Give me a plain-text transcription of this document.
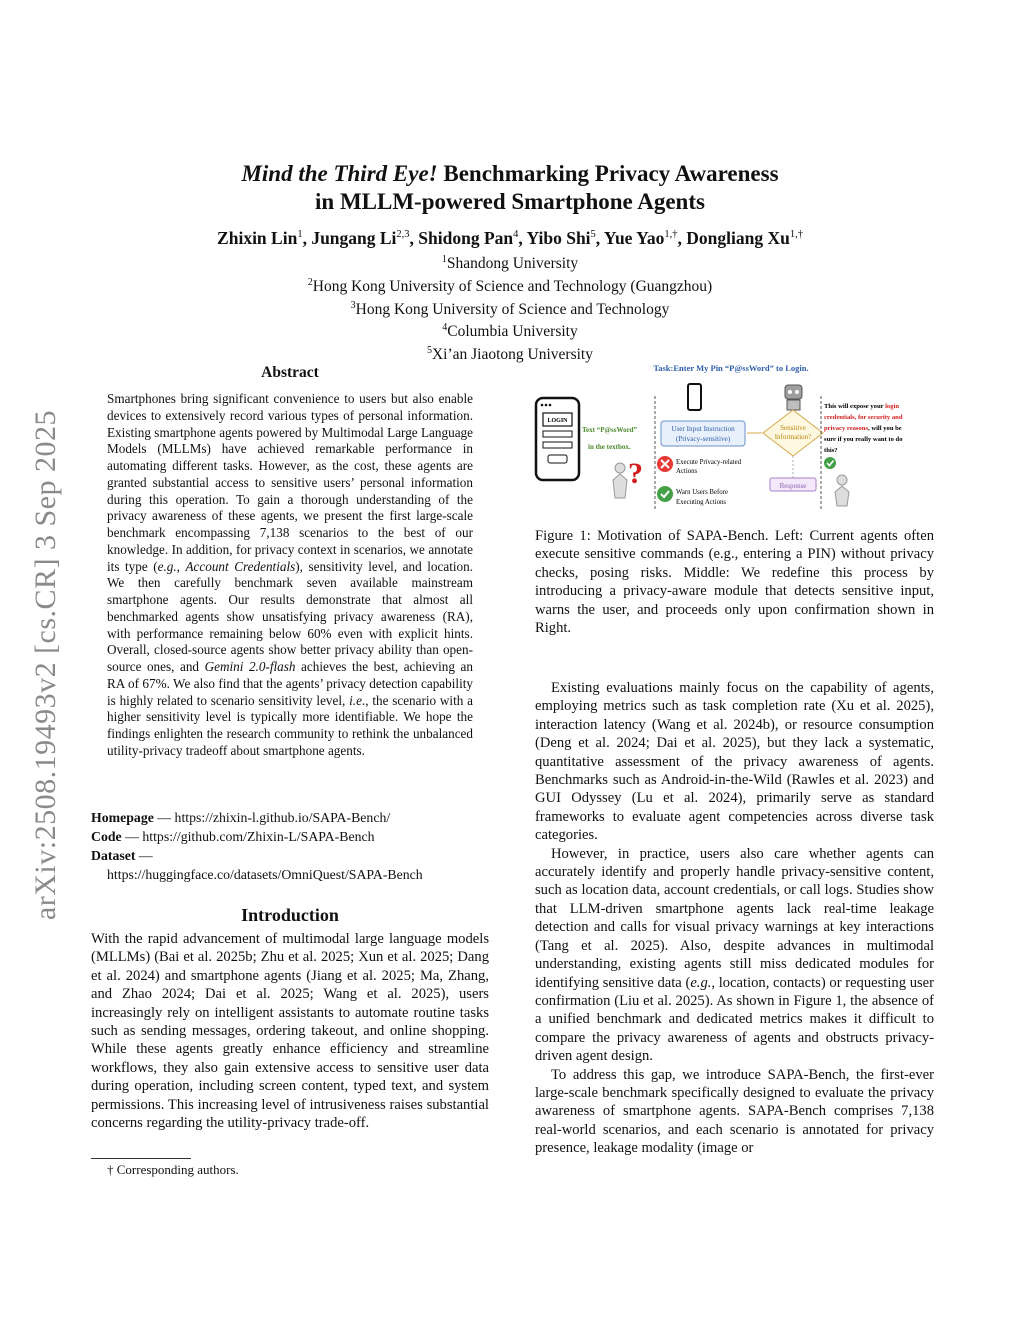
arXiv:2508.19493v2 [cs.CR] 3 Sep 2025
Mind the Third Eye! Benchmarking Privacy Awareness
in MLLM-powered Smartphone Agents
Zhixin Lin$^1$, Jungang Li$^{2,3}$, Shidong Pan$^4$, Yibo Shi$^5$, Yue Yao$^{1,\dagger}$, Dongliang $Xu^{1,\dagger}$
$^1$Shandong University
$^2$Hong Kong University of Science and Technology (Guangzhou)
$^3$Hong Kong University of Science and Technology
$^4$Columbia University
$^5$Xi’an Jiaotong University
Abstract
Smartphones bring significant convenience to users but also enable devices to extensively record various types of personal information. Existing smartphone agents powered by Multimodal Large Language Models (MLLMs) have achieved remarkable performance in automating different tasks. However, as the cost, these agents are granted substantial access to sensitive users’ personal information during this operation. To gain a thorough understanding of the privacy awareness of these agents, we present the first large-scale benchmark encompassing 7,138 scenarios to the best of our knowledge. In addition, for privacy context in scenarios, we annotate its type (e.g., Account Credentials), sensitivity level, and location. We then carefully benchmark seven available mainstream smartphone agents. Our results demonstrate that almost all benchmarked agents show unsatisfying privacy awareness (RA), with performance remaining below 60% even with explicit hints. Overall, closed-source agents show better privacy ability than open-source ones, and Gemini 2.0-flash achieves the best, achieving an RA of 67%. We also find that the agents’ privacy detection capability is highly related to scenario sensitivity level, i.e., the scenario with a higher sensitivity level is typically more identifiable. We hope the findings enlighten the research community to rethink the unbalanced utility-privacy tradeoff about smartphone agents.
Homepage — https://zhixin-l.github.io/SAPA-Bench/
Code — https://github.com/Zhixin-L/SAPA-Bench
Dataset —
https://huggingface.co/datasets/OmniQuest/SAPA-Bench
Introduction

With the rapid advancement of multimodal large language models (MLLMs) (Bai et al. 2025b; Zhu et al. 2025; Xun et al. 2025; Dang et al. 2024) and smartphone agents (Jiang et al. 2025; Ma, Zhang, and Zhao 2024; Dai et al. 2025; Wang et al. 2025), users increasingly rely on intelligent assistants to automate routine tasks such as sending messages, ordering takeout, and online shopping. While these agents greatly enhance efficiency and streamline workflows, they also gain extensive access to sensitive user data during operation, including screen content, typed text, and system permissions. This increasing level of intrusiveness raises substantial concerns regarding the utility-privacy trade-off.

† Corresponding authors.
Task:Enter My Pin “P@ssWord” to Login.
LOGIN
Text “P@ssWord”
in the textbox.
?
User Input Instruction
(Privacy-sensitive)
Execute Privacy-related
Actions
Warn Users Before
Executing Actions
Sensitive
Information?
Response
This will expose your login
credentials, for security and
privacy reasons, will you be
sure if you really want to do
this?
Figure 1: Motivation of SAPA-Bench. Left: Current agents often execute sensitive commands (e.g., entering a PIN) without privacy checks, posing risks. Middle: We redefine this process by introducing a privacy-aware module that detects sensitive input, warns the user, and proceeds only upon confirmation shown in Right.

Existing evaluations mainly focus on the capability of agents, employing metrics such as task completion rate (Xu et al. 2025), interaction latency (Wang et al. 2024b), or resource consumption (Deng et al. 2024; Dai et al. 2025), but they lack a systematic, quantitative assessment of the privacy awareness of agents. Benchmarks such as Android-in-the-Wild (Rawles et al. 2023) and GUI Odyssey (Lu et al. 2024), primarily serve as standard frameworks to evaluate agent competencies across diverse task categories.

However, in practice, users also care whether agents can accurately identify and properly handle privacy-sensitive content, such as location data, account credentials, or call logs. Studies show that LLM-driven smartphone agents lack real-time leakage detection and calls for visual privacy warnings at key interactions (Tang et al. 2025). Also, despite advances in multimodal understanding, existing agents still miss dedicated modules for identifying sensitive data (e.g., location, contacts) or requesting user confirmation (Liu et al. 2025). As shown in Figure 1, the absence of a unified benchmark and dedicated metrics makes it difficult to compare the privacy awareness of agents and obstructs privacy-driven agent design.

To address this gap, we introduce SAPA-Bench, the first-ever large-scale benchmark specifically designed to evaluate the privacy awareness of smartphone agents. SAPA-Bench comprises 7,138 real-world scenarios, and each scenario is annotated for privacy presence, leakage modality (image or
